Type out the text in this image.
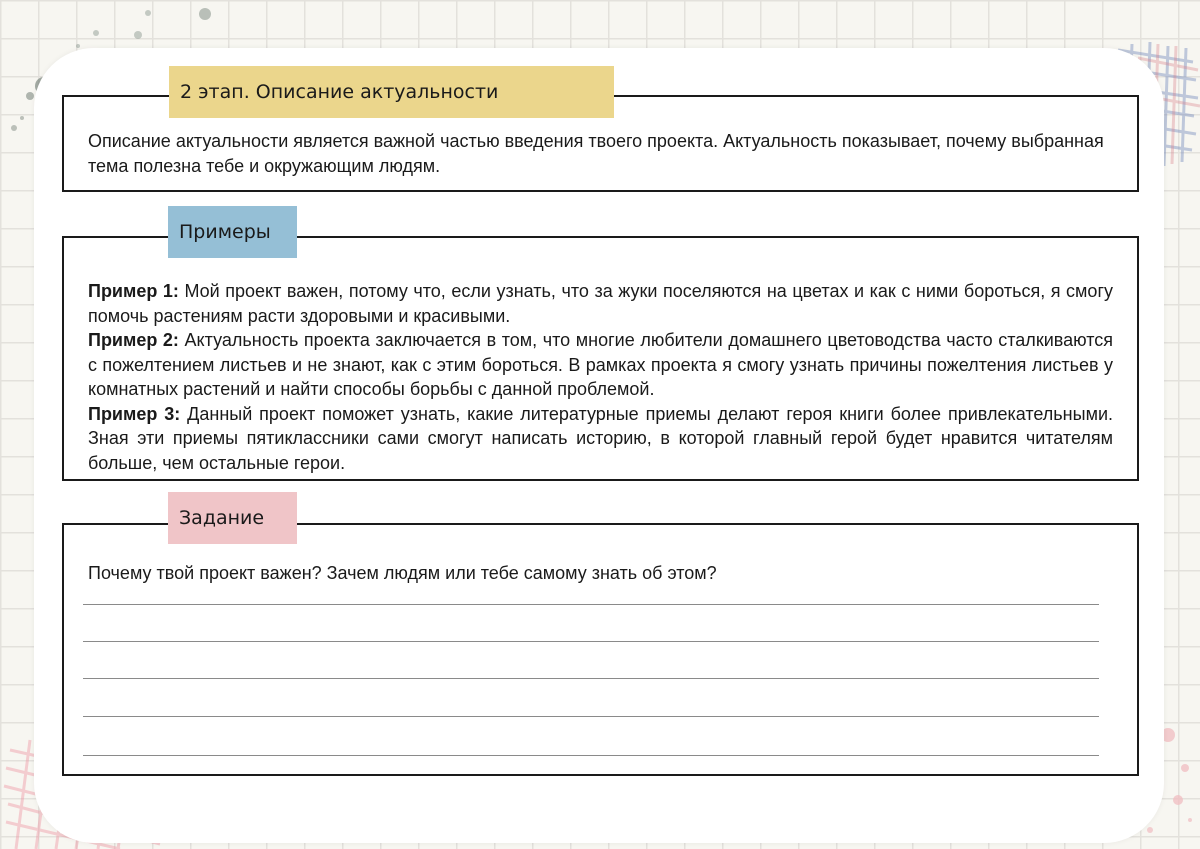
2 этап. Описание актуальности
Описание актуальности является важной частью введения твоего проекта. Актуальность показывает, почему выбранная тема полезна тебе и окружающим людям.
Примеры
Пример 1: Мой проект важен, потому что, если узнать, что за жуки поселяются на цветах и как с ними бороться, я смогу помочь растениям расти здоровыми и красивыми.
Пример 2: Актуальность проекта заключается в том, что многие любители домашнего цветоводства часто сталкиваются с пожелтением листьев и не знают, как с этим бороться. В рамках проекта я смогу узнать причины пожелтения листьев у комнатных растений и найти способы борьбы с данной проблемой.
Пример 3: Данный проект поможет узнать, какие литературные приемы делают героя книги более привлекательными. Зная эти приемы пятиклассники сами смогут написать историю, в которой главный герой будет нравится читателям больше, чем остальные герои.
Задание
Почему твой проект важен? Зачем людям или тебе самому знать об этом?
